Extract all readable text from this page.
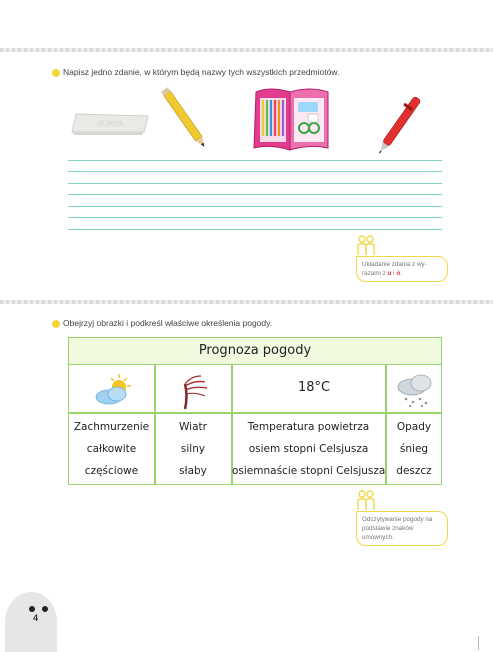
Napisz jedno zdanie, w którym będą nazwy tych wszystkich przedmiotów.
GUMKA
Układanie zdania z wy-razami z u i ó.
Obejrzyj obrazki i podkreśl właściwe określenia pogody.
Prognoza pogody
18°C
Zachmurzenie
całkowite
częściowe
Wiatr
silny
słaby
Temperatura powietrza
osiem stopni Celsjusza
osiemnaście stopni Celsjusza
Opady
śnieg
deszcz
Odczytywanie pogody na podstawie znaków umownych.
4
